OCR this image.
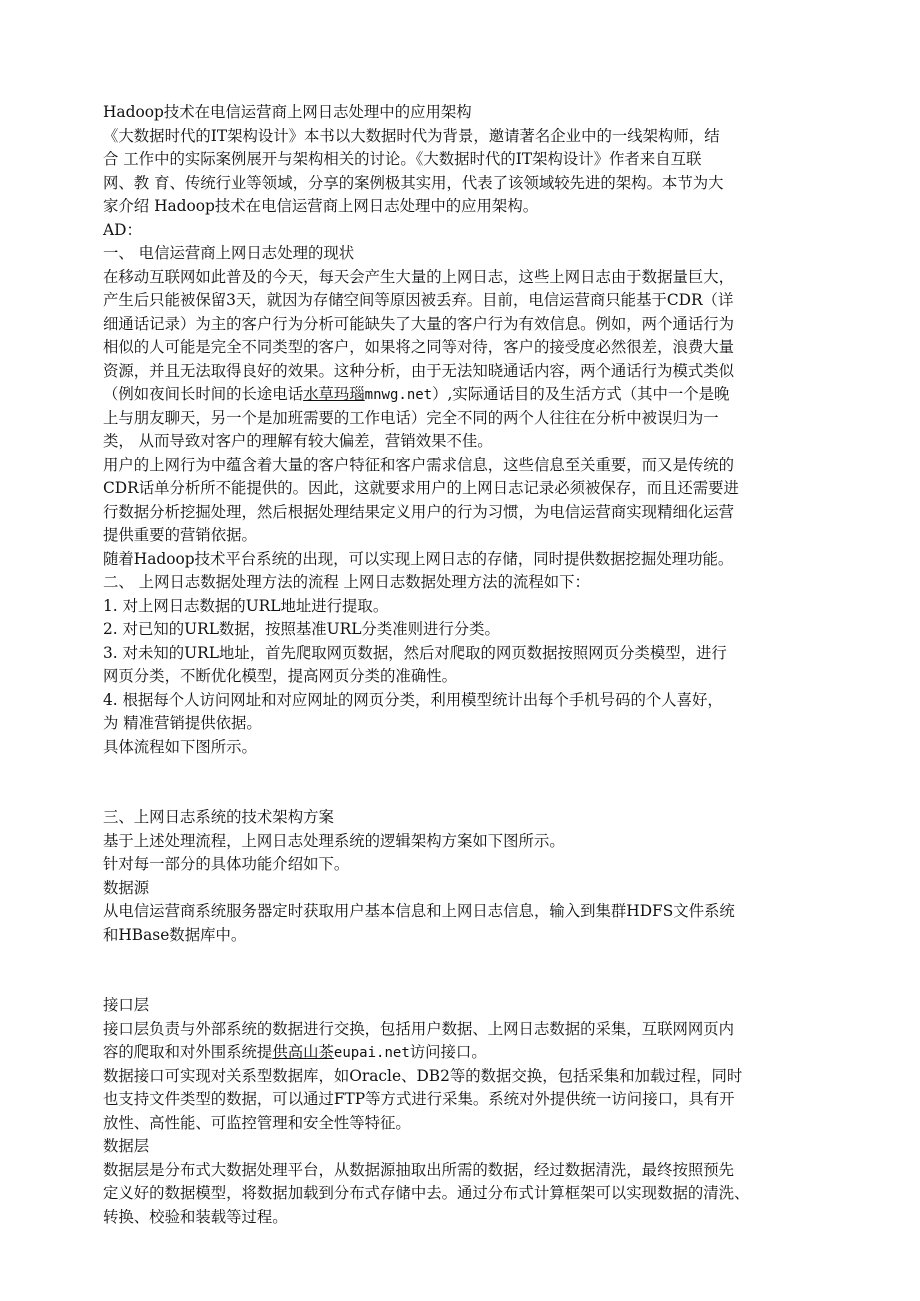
Hadoop技术在电信运营商上网日志处理中的应用架构
《大数据时代的IT架构设计》本书以大数据时代为背景，邀请著名企业中的一线架构师，结
合 工作中的实际案例展开与架构相关的讨论。《大数据时代的IT架构设计》作者来自互联
网、教 育、传统行业等领域，分享的案例极其实用，代表了该领域较先进的架构。本节为大
家介绍 Hadoop技术在电信运营商上网日志处理中的应用架构。
AD：
一、 电信运营商上网日志处理的现状
在移动互联网如此普及的今天，每天会产生大量的上网日志，这些上网日志由于数据量巨大，
产生后只能被保留3天，就因为存储空间等原因被丢弃。目前，电信运营商只能基于CDR（详
细通话记录）为主的客户行为分析可能缺失了大量的客户行为有效信息。例如，两个通话行为
相似的人可能是完全不同类型的客户，如果将之同等对待，客户的接受度必然很差，浪费大量
资源，并且无法取得良好的效果。这种分析，由于无法知晓通话内容，两个通话行为模式类似
（例如夜间长时间的长途电话水草玛瑙mnwg.net）,实际通话目的及生活方式（其中一个是晚
上与朋友聊天，另一个是加班需要的工作电话）完全不同的两个人往往在分析中被误归为一
类， 从而导致对客户的理解有较大偏差，营销效果不佳。
用户的上网行为中蕴含着大量的客户特征和客户需求信息，这些信息至关重要，而又是传统的
CDR话单分析所不能提供的。因此，这就要求用户的上网日志记录必须被保存，而且还需要进
行数据分析挖掘处理，然后根据处理结果定义用户的行为习惯，为电信运营商实现精细化运营
提供重要的营销依据。
随着Hadoop技术平台系统的出现，可以实现上网日志的存储，同时提供数据挖掘处理功能。
二、 上网日志数据处理方法的流程 上网日志数据处理方法的流程如下：
1. 对上网日志数据的URL地址进行提取。
2. 对已知的URL数据，按照基准URL分类准则进行分类。
3. 对未知的URL地址，首先爬取网页数据，然后对爬取的网页数据按照网页分类模型，进行
网页分类，不断优化模型，提高网页分类的准确性。
4. 根据每个人访问网址和对应网址的网页分类，利用模型统计出每个手机号码的个人喜好，
为 精准营销提供依据。
具体流程如下图所示。
三、上网日志系统的技术架构方案
基于上述处理流程，上网日志处理系统的逻辑架构方案如下图所示。
针对每一部分的具体功能介绍如下。
数据源
从电信运营商系统服务器定时获取用户基本信息和上网日志信息，输入到集群HDFS文件系统
和HBase数据库中。
接口层
接口层负责与外部系统的数据进行交换，包括用户数据、上网日志数据的采集，互联网网页内
容的爬取和对外围系统提供高山茶eupai.net访问接口。
数据接口可实现对关系型数据库，如Oracle、DB2等的数据交换，包括采集和加载过程，同时
也支持文件类型的数据，可以通过FTP等方式进行采集。系统对外提供统一访问接口，具有开
放性、高性能、可监控管理和安全性等特征。
数据层
数据层是分布式大数据处理平台，从数据源抽取出所需的数据，经过数据清洗，最终按照预先
定义好的数据模型，将数据加载到分布式存储中去。通过分布式计算框架可以实现数据的清洗、
转换、校验和装载等过程。
